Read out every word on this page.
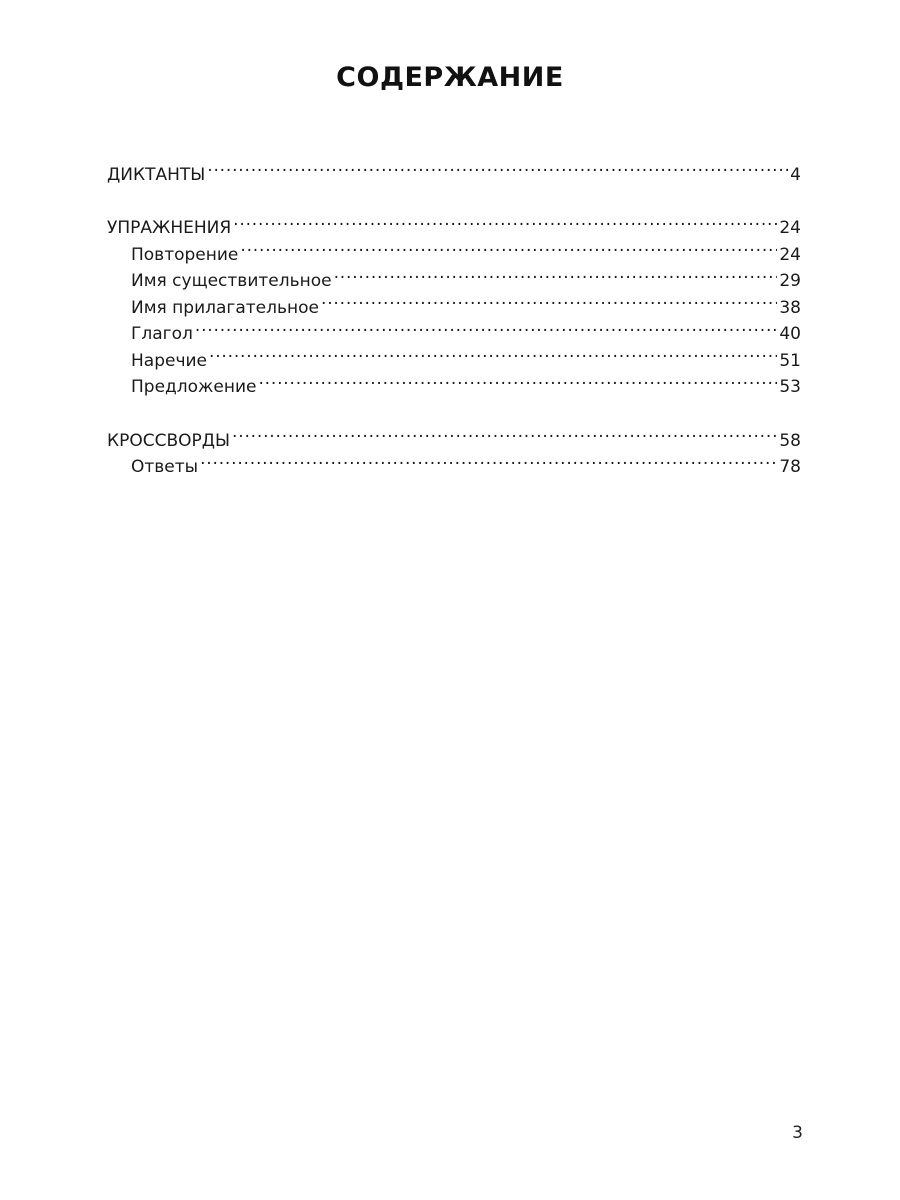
СОДЕРЖАНИЕ
ДИКТАНТЫ . . .	4
УПРАЖНЕНИЯ . . .	24
Повторение . . .	24
Имя существительное . . .	29
Имя прилагательное . . .	38
Глагол . . .	40
Наречие . . .	51
Предложение . . .	53
КРОССВОРДЫ . . .	58
Ответы . . .	78
3
